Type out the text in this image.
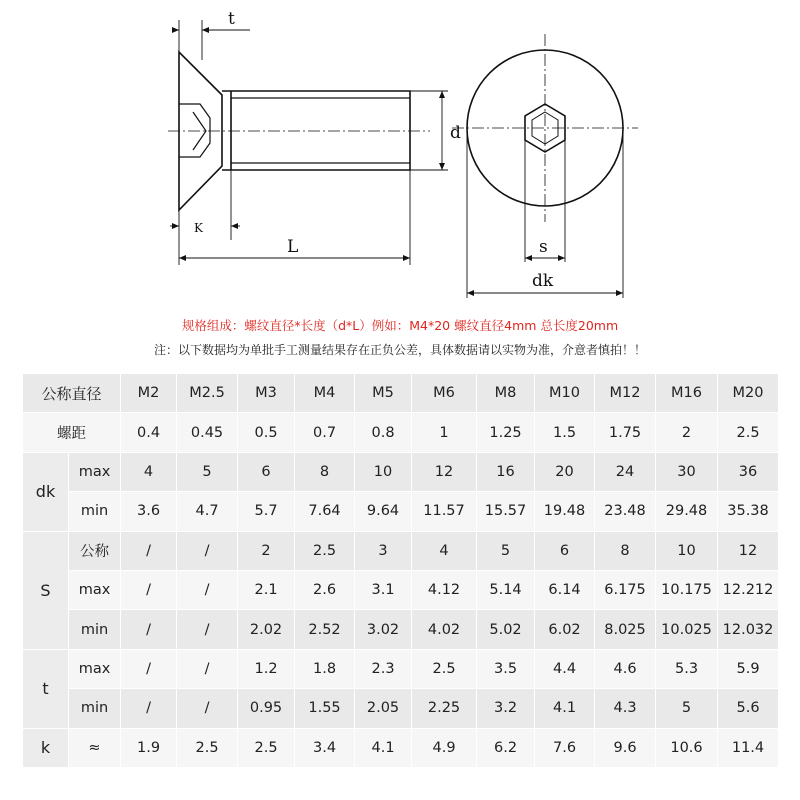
t
d
K
L	s
dk
规格组成：螺纹直径*长度（d*L）例如：M4*20 螺纹直径4mm 总长度20mm
注：以下数据均为单批手工测量结果存在正负公差，具体数据请以实物为准，介意者慎拍！！
公称直径		M2	M2.5	M3	M4	M5	M6	M8	M10	M12	M16	M20
螺距		0.4	0.45	0.5	0.7	0.8	1	1.25	1.5	1.75	2	2.5
dk	max	4	5	6	8	10	12	16	20	24	30	36
	min	3.6	4.7	5.7	7.64	9.64	11.57	15.57	19.48	23.48	29.48	35.38
S	公称	/	/	2	2.5	3	4	5	6	8	10	12
	max	/	/	2.1	2.6	3.1	4.12	5.14	6.14	6.175	10.175	12.212
	min	/	/	2.02	2.52	3.02	4.02	5.02	6.02	8.025	10.025	12.032
t	max	/	/	1.2	1.8	2.3	2.5	3.5	4.4	4.6	5.3	5.9
	min	/	/	0.95	1.55	2.05	2.25	3.2	4.1	4.3	5	5.6
k	≈	1.9	2.5	2.5	3.4	4.1	4.9	6.2	7.6	9.6	10.6	11.4
